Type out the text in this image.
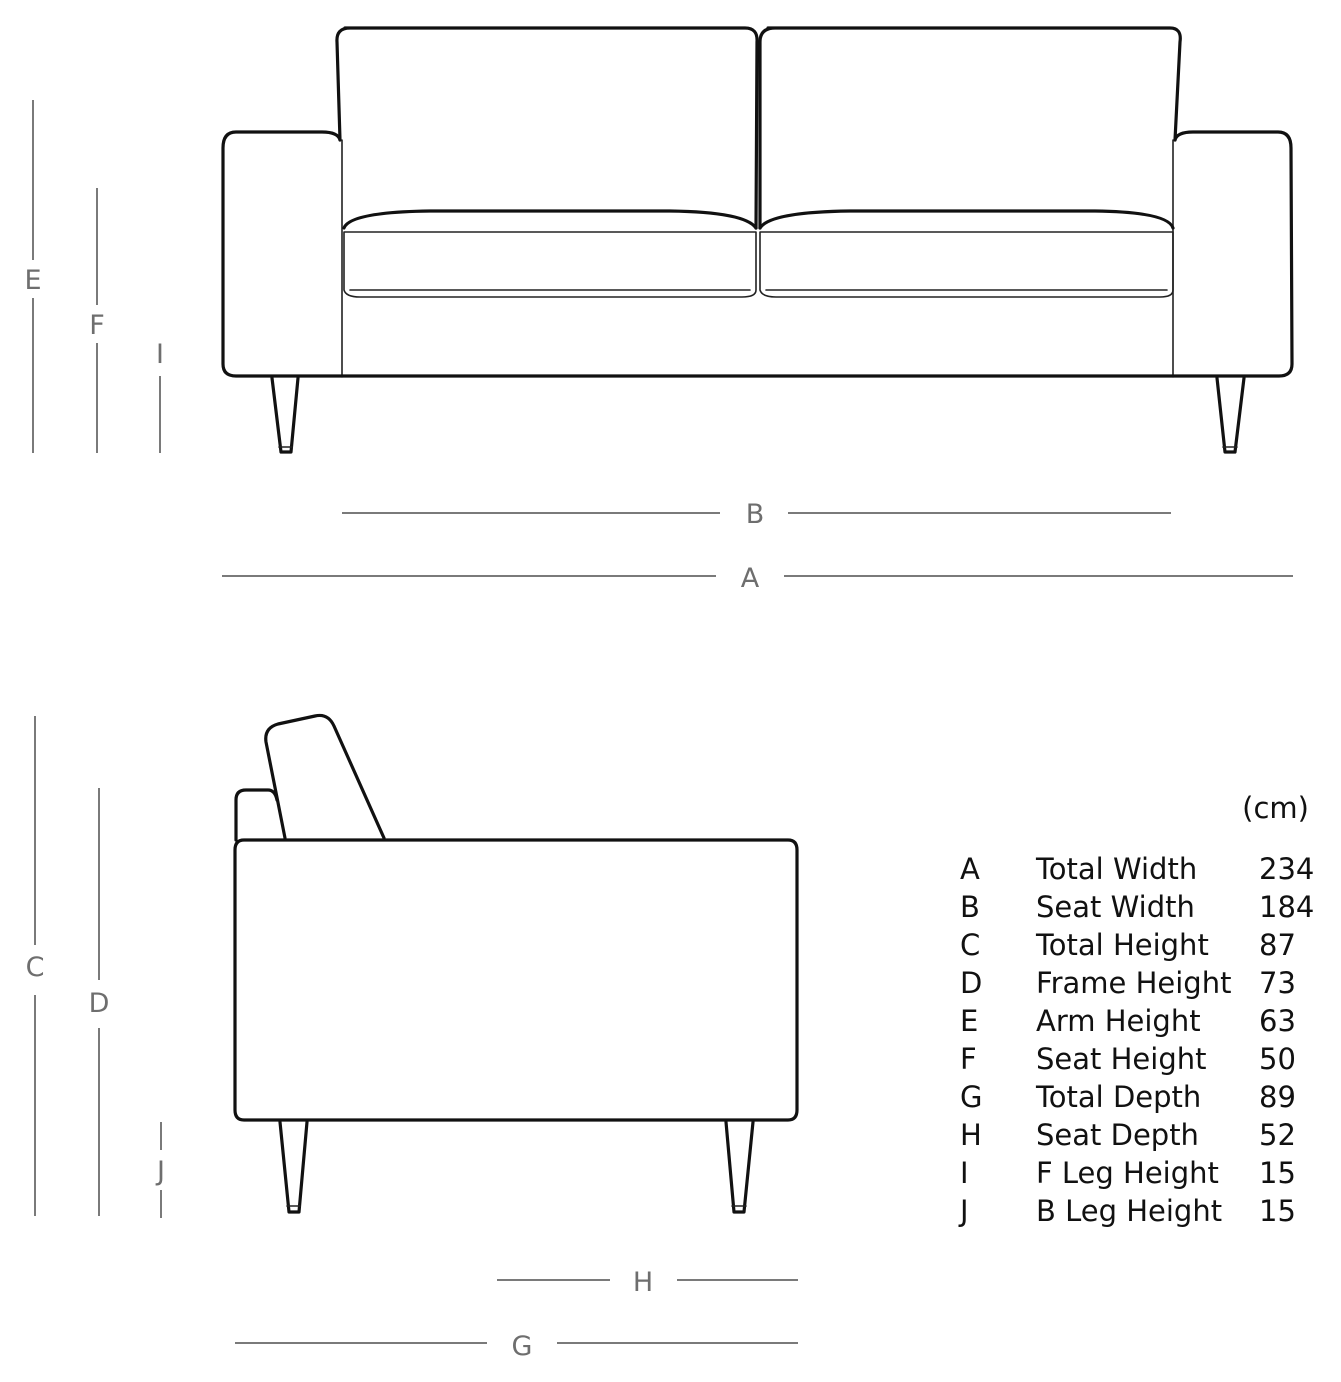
E
F
I
B
A
C
D
J
H
G
(cm)
A Total Width 234
B Seat Width 184
C Total Height 87
D Frame Height 73
E Arm Height 63
F Seat Height 50
G Total Depth 89
H Seat Depth 52
I F Leg Height 15
J B Leg Height 15
